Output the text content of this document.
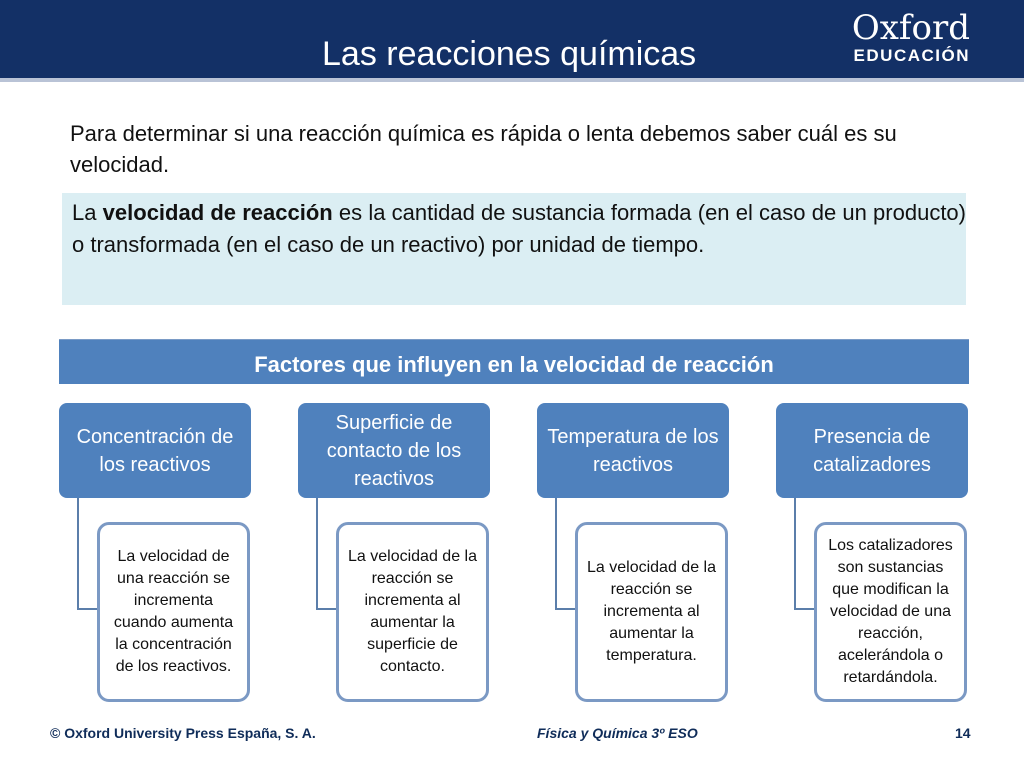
Las reacciones químicas
Oxford
EDUCACIÓN
Para determinar si una reacción química es rápida o lenta debemos saber cuál es su velocidad.
La velocidad de reacción es la cantidad de sustancia formada (en el caso de un producto) o transformada (en el caso de un reactivo) por unidad de tiempo.
Factores que influyen en la velocidad de reacción
Concentración de los reactivos
La velocidad de una reacción se incrementa cuando aumenta la concentración de los reactivos.
Superficie de contacto de los reactivos
La velocidad de la reacción se incrementa al aumentar la superficie de contacto.
Temperatura de los reactivos
La velocidad de la reacción se incrementa al aumentar la temperatura.
Presencia de catalizadores
Los catalizadores son sustancias que modifican la velocidad de una reacción, acelerándola o retardándola.
© Oxford University Press España, S. A.	Física y Química 3º ESO	14
